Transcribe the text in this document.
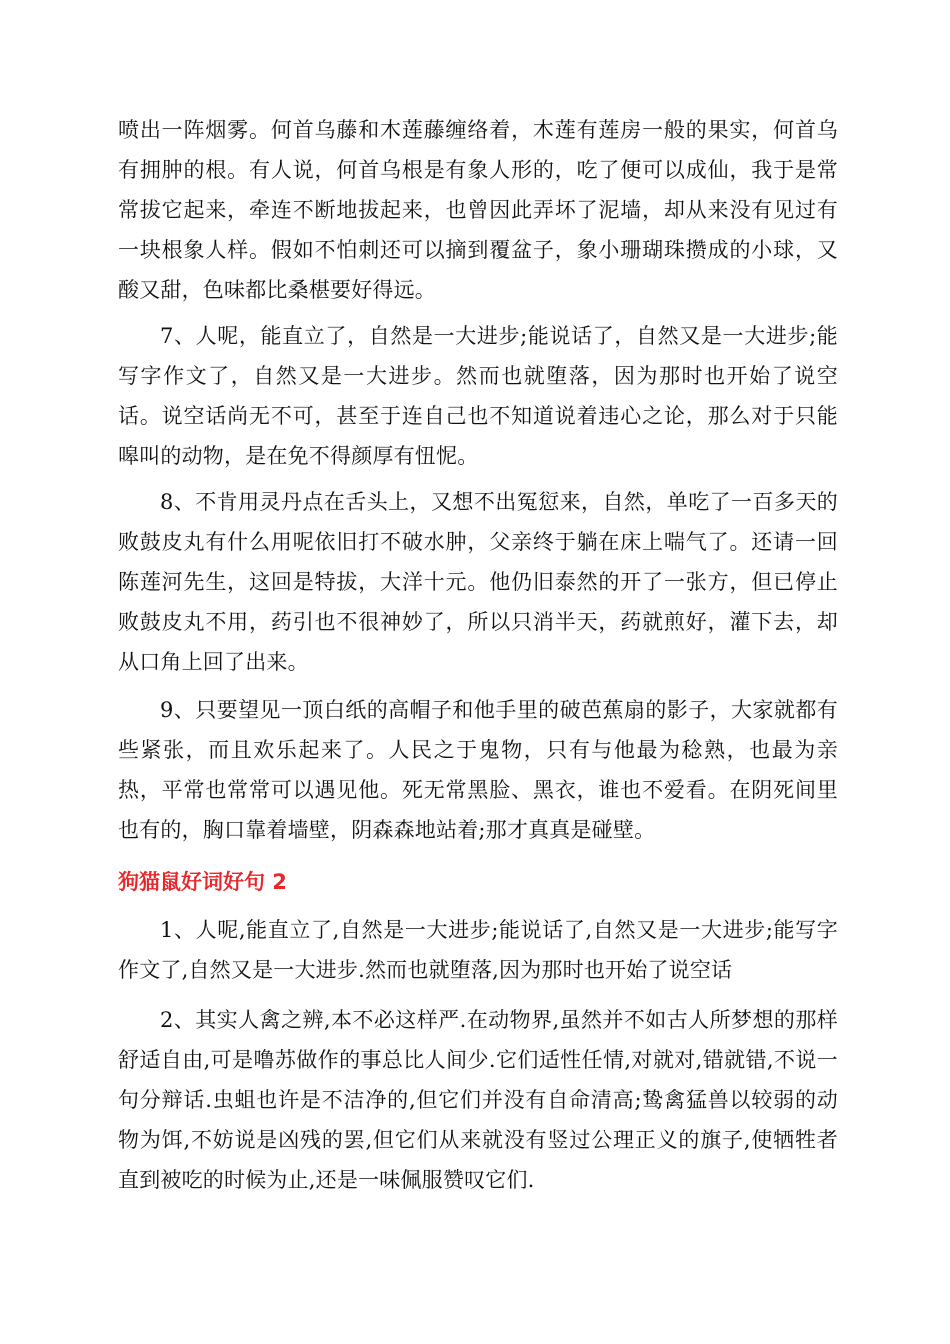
喷出一阵烟雾。何首乌藤和木莲藤缠络着，木莲有莲房一般的果实，何首乌有拥肿的根。有人说，何首乌根是有象人形的，吃了便可以成仙，我于是常常拔它起来，牵连不断地拔起来，也曾因此弄坏了泥墙，却从来没有见过有一块根象人样。假如不怕刺还可以摘到覆盆子，象小珊瑚珠攒成的小球，又酸又甜，色味都比桑椹要好得远。

7、人呢，能直立了，自然是一大进步;能说话了，自然又是一大进步;能写字作文了，自然又是一大进步。然而也就堕落，因为那时也开始了说空话。说空话尚无不可，甚至于连自己也不知道说着违心之论，那么对于只能嗥叫的动物，是在免不得颜厚有忸怩。

8、不肯用灵丹点在舌头上，又想不出冤愆来，自然，单吃了一百多天的败鼓皮丸有什么用呢依旧打不破水肿，父亲终于躺在床上喘气了。还请一回陈莲河先生，这回是特拔，大洋十元。他仍旧泰然的开了一张方，但已停止败鼓皮丸不用，药引也不很神妙了，所以只消半天，药就煎好，灌下去，却从口角上回了出来。

9、只要望见一顶白纸的高帽子和他手里的破芭蕉扇的影子，大家就都有些紧张，而且欢乐起来了。人民之于鬼物，只有与他最为稔熟，也最为亲热，平常也常常可以遇见他。死无常黑脸、黑衣，谁也不爱看。在阴死间里也有的，胸口靠着墙壁，阴森森地站着;那才真真是碰壁。

狗猫鼠好词好句 2

1、人呢,能直立了,自然是一大进步;能说话了,自然又是一大进步;能写字作文了,自然又是一大进步.然而也就堕落,因为那时也开始了说空话

2、其实人禽之辨,本不必这样严.在动物界,虽然并不如古人所梦想的那样舒适自由,可是噜苏做作的事总比人间少.它们适性任情,对就对,错就错,不说一句分辩话.虫蛆也许是不洁净的,但它们并没有自命清高;鸷禽猛兽以较弱的动物为饵,不妨说是凶残的罢,但它们从来就没有竖过公理正义的旗子,使牺牲者直到被吃的时候为止,还是一味佩服赞叹它们.
